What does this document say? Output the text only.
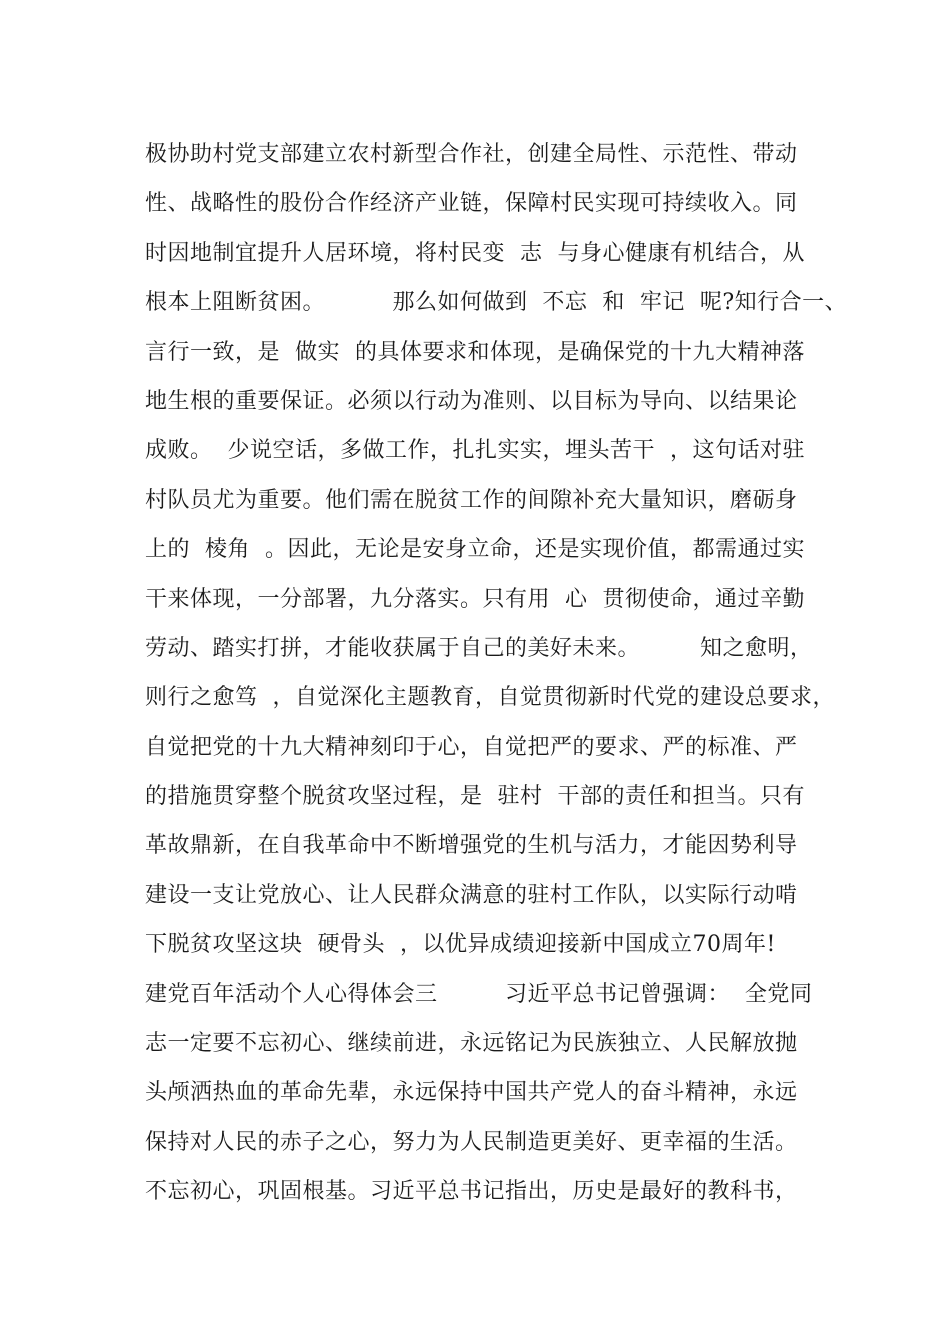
极协助村党支部建立农村新型合作社，创建全局性、示范性、带动
性、战略性的股份合作经济产业链，保障村民实现可持续收入。同
时因地制宜提升人居环境，将村民变  志  与身心健康有机结合，从
根本上阻断贫困。         那么如何做到  不忘  和  牢记  呢?知行合一、
言行一致，是  做实  的具体要求和体现，是确保党的十九大精神落
地生根的重要保证。必须以行动为准则、以目标为导向、以结果论
成败。  少说空话，多做工作，扎扎实实，埋头苦干  ，这句话对驻
村队员尤为重要。他们需在脱贫工作的间隙补充大量知识，磨砺身
上的  棱角  。因此，无论是安身立命，还是实现价值，都需通过实
干来体现，一分部署，九分落实。只有用  心  贯彻使命，通过辛勤
劳动、踏实打拼，才能收获属于自己的美好未来。        知之愈明，
则行之愈笃  ，自觉深化主题教育，自觉贯彻新时代党的建设总要求，
自觉把党的十九大精神刻印于心，自觉把严的要求、严的标准、严
的措施贯穿整个脱贫攻坚过程，是  驻村  干部的责任和担当。只有
革故鼎新，在自我革命中不断增强党的生机与活力，才能因势利导
建设一支让党放心、让人民群众满意的驻村工作队，以实际行动啃
下脱贫攻坚这块  硬骨头  ，以优异成绩迎接新中国成立70周年!
建党百年活动个人心得体会三         习近平总书记曾强调：  全党同
志一定要不忘初心、继续前进，永远铭记为民族独立、人民解放抛
头颅洒热血的革命先辈，永远保持中国共产党人的奋斗精神，永远
保持对人民的赤子之心，努力为人民制造更美好、更幸福的生活。
不忘初心，巩固根基。习近平总书记指出，历史是最好的教科书，
